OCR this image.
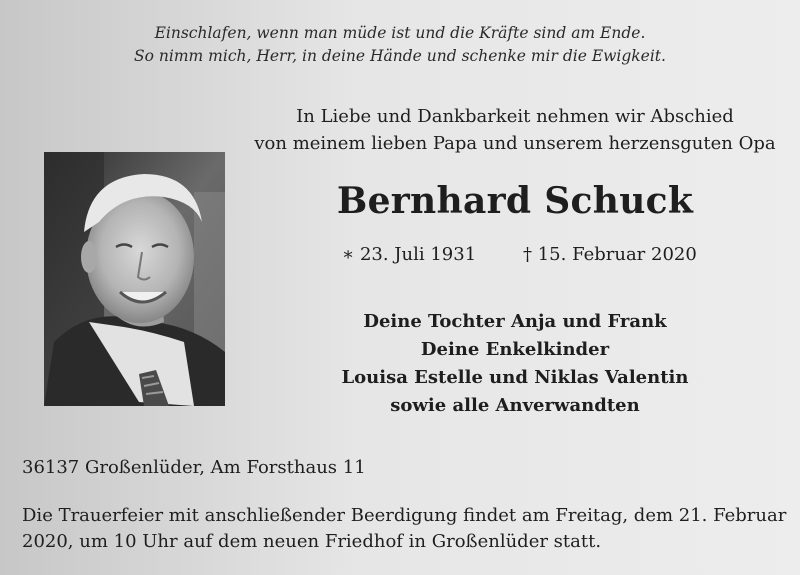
Einschlafen, wenn man müde ist und die Kräfte sind am Ende.
So nimm mich, Herr, in deine Hände und schenke mir die Ewigkeit.
In Liebe und Dankbarkeit nehmen wir Abschied
von meinem lieben Papa und unserem herzensguten Opa
Bernhard Schuck
∗ 23. Juli 1931	† 15. Februar 2020
Deine Tochter Anja und Frank
Deine Enkelkinder
Louisa Estelle und Niklas Valentin
sowie alle Anverwandten
36137 Großenlüder, Am Forsthaus 11
Die Trauerfeier mit anschließender Beerdigung findet am Freitag, dem 21. Februar
2020, um 10 Uhr auf dem neuen Friedhof in Großenlüder statt.
